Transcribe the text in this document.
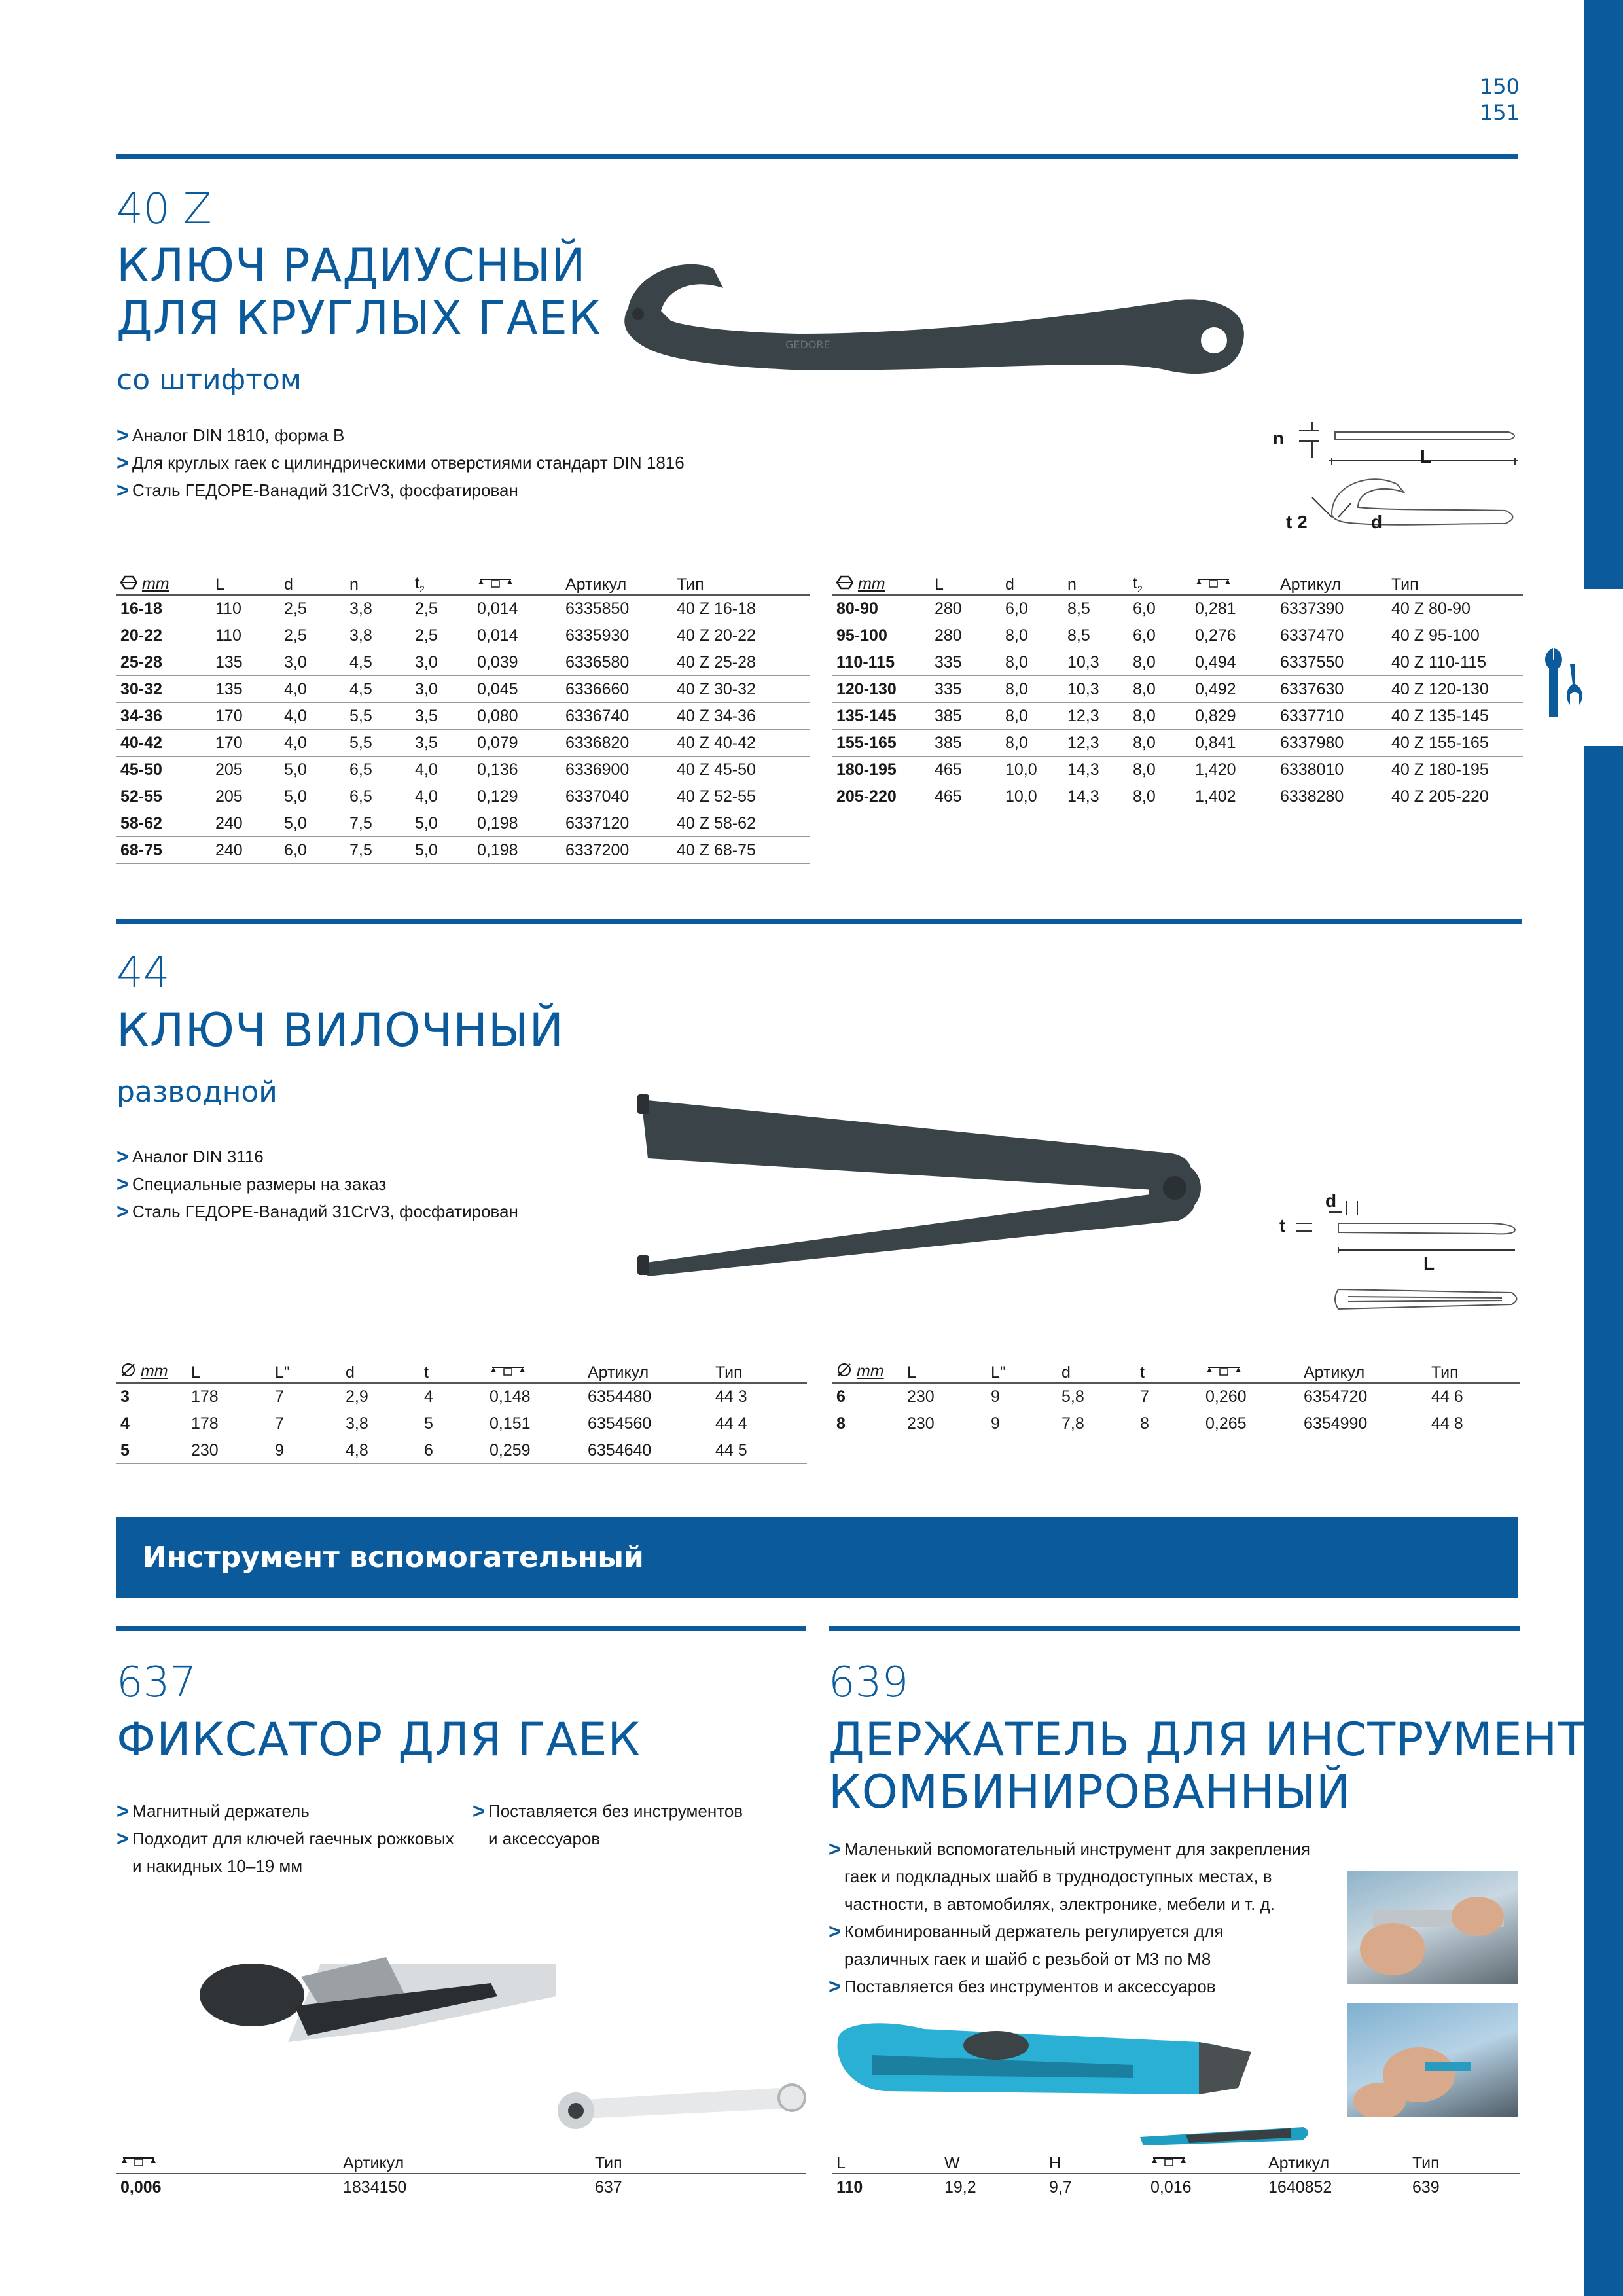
150
151
40 Z
КЛЮЧ РАДИУСНЫЙ
ДЛЯ КРУГЛЫХ ГАЕК
со штифтом
> Аналог DIN 1810, форма B
> Для круглых гаек с цилиндрическими отверстиями стандарт DIN 1816
> Сталь ГЕДОРЕ-Ванадий 31CrV3, фосфатирован
GEDORE
n
L
t 2	d
mm	L	d	n	$t_2$		Артикул	Тип
16-18	110	2,5	3,8	2,5	0,014	6335850	40 Z 16-18
20-22	110	2,5	3,8	2,5	0,014	6335930	40 Z 20-22
25-28	135	3,0	4,5	3,0	0,039	6336580	40 Z 25-28
30-32	135	4,0	4,5	3,0	0,045	6336660	40 Z 30-32
34-36	170	4,0	5,5	3,5	0,080	6336740	40 Z 34-36
40-42	170	4,0	5,5	3,5	0,079	6336820	40 Z 40-42
45-50	205	5,0	6,5	4,0	0,136	6336900	40 Z 45-50
52-55	205	5,0	6,5	4,0	0,129	6337040	40 Z 52-55
58-62	240	5,0	7,5	5,0	0,198	6337120	40 Z 58-62
68-75	240	6,0	7,5	5,0	0,198	6337200	40 Z 68-75
mm	L	d	n	$t_2$		Артикул	Тип
80-90	280	6,0	8,5	6,0	0,281	6337390	40 Z 80-90
95-100	280	8,0	8,5	6,0	0,276	6337470	40 Z 95-100
110-115	335	8,0	10,3	8,0	0,494	6337550	40 Z 110-115
120-130	335	8,0	10,3	8,0	0,492	6337630	40 Z 120-130
135-145	385	8,0	12,3	8,0	0,829	6337710	40 Z 135-145
155-165	385	8,0	12,3	8,0	0,841	6337980	40 Z 155-165
180-195	465	10,0	14,3	8,0	1,420	6338010	40 Z 180-195
205-220	465	10,0	14,3	8,0	1,402	6338280	40 Z 205-220
44
КЛЮЧ ВИЛОЧНЫЙ
разводной
> Аналог DIN 3116
> Специальные размеры на заказ
> Сталь ГЕДОРЕ-Ванадий 31CrV3, фосфатирован
t
d
L
mm	L	L"	d	t		Артикул	Тип
3	178	7	2,9	4	0,148	6354480	44 3
4	178	7	3,8	5	0,151	6354560	44 4
5	230	9	4,8	6	0,259	6354640	44 5
mm	L	L"	d	t		Артикул	Тип
6	230	9	5,8	7	0,260	6354720	44 6
8	230	9	7,8	8	0,265	6354990	44 8
Инструмент вспомогательный
637
ФИКСАТОР ДЛЯ ГАЕК
> Магнитный держатель
> Подходит для ключей гаечных рожковых и накидных 10–19 мм
> Поставляется без инструментов и аксессуаров
	Артикул	Тип
0,006	1834150	637
639
ДЕРЖАТЕЛЬ ДЛЯ ИНСТРУМЕНТА
КОМБИНИРОВАННЫЙ
> Маленький вспомогательный инструмент для закрепления гаек и подкладных шайб в труднодоступных местах, в частности, в автомобилях, электронике, мебели и т. д.
> Комбинированный держатель регулируется для различных гаек и шайб с резьбой от M3 по M8
> Поставляется без инструментов и аксессуаров
L	W	H		Артикул	Тип
110	19,2	9,7	0,016	1640852	639
